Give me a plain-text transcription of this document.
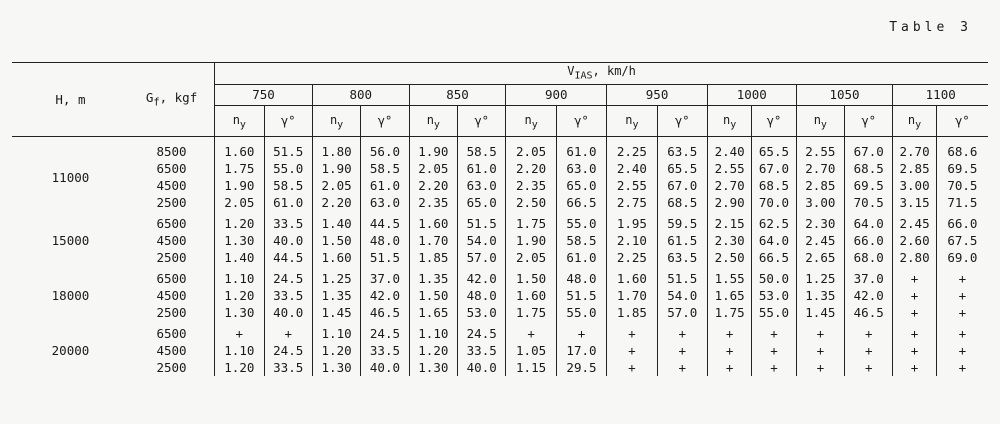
Table 3
H, m	$G_f$, kgf	$V_{IAS}$, km/h															
		750		800		850		900		950		1000		1050		1100	
		$n_y$	γ°	$n_y$	γ°	$n_y$	γ°	$n_y$	γ°	$n_y$	γ°	$n_y$	γ°	$n_y$	γ°	$n_y$	γ°

11000	8500	1.60	51.5	1.80	56.0	1.90	58.5	2.05	61.0	2.25	63.5	2.40	65.5	2.55	67.0	2.70	68.6
	6500	1.75	55.0	1.90	58.5	2.05	61.0	2.20	63.0	2.40	65.5	2.55	67.0	2.70	68.5	2.85	69.5
	4500	1.90	58.5	2.05	61.0	2.20	63.0	2.35	65.0	2.55	67.0	2.70	68.5	2.85	69.5	3.00	70.5
	2500	2.05	61.0	2.20	63.0	2.35	65.0	2.50	66.5	2.75	68.5	2.90	70.0	3.00	70.5	3.15	71.5

15000	6500	1.20	33.5	1.40	44.5	1.60	51.5	1.75	55.0	1.95	59.5	2.15	62.5	2.30	64.0	2.45	66.0
	4500	1.30	40.0	1.50	48.0	1.70	54.0	1.90	58.5	2.10	61.5	2.30	64.0	2.45	66.0	2.60	67.5
	2500	1.40	44.5	1.60	51.5	1.85	57.0	2.05	61.0	2.25	63.5	2.50	66.5	2.65	68.0	2.80	69.0

18000	6500	1.10	24.5	1.25	37.0	1.35	42.0	1.50	48.0	1.60	51.5	1.55	50.0	1.25	37.0	+	+
	4500	1.20	33.5	1.35	42.0	1.50	48.0	1.60	51.5	1.70	54.0	1.65	53.0	1.35	42.0	+	+
	2500	1.30	40.0	1.45	46.5	1.65	53.0	1.75	55.0	1.85	57.0	1.75	55.0	1.45	46.5	+	+

20000	6500	+	+	1.10	24.5	1.10	24.5	+	+	+	+	+	+	+	+	+	+
	4500	1.10	24.5	1.20	33.5	1.20	33.5	1.05	17.0	+	+	+	+	+	+	+	+
	2500	1.20	33.5	1.30	40.0	1.30	40.0	1.15	29.5	+	+	+	+	+	+	+	+
